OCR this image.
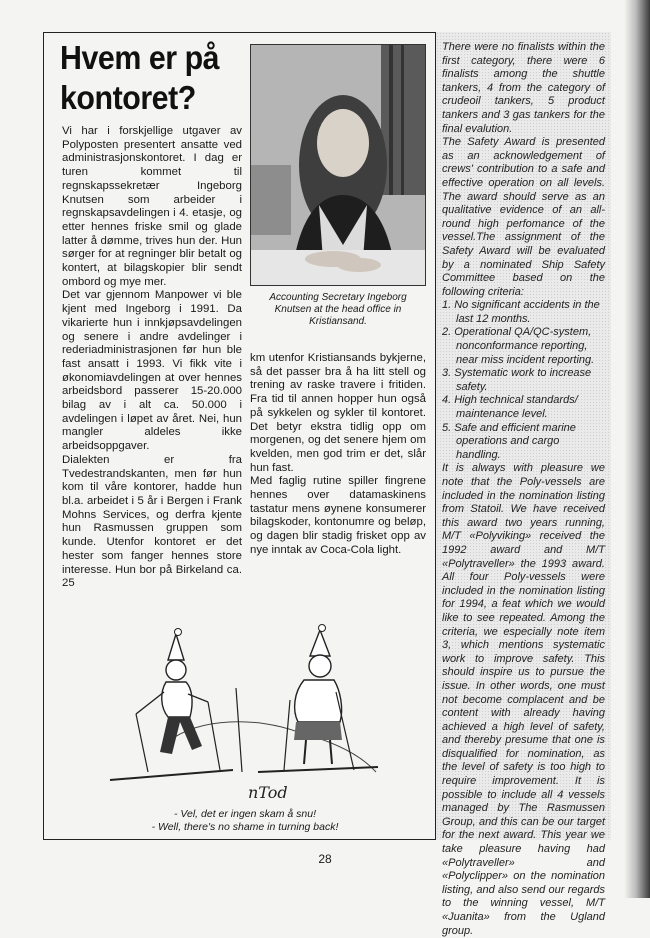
Hvem er på kontoret?
Accounting Secretary Ingeborg Knutsen at the head office in Kristiansand.

Vi har i forskjellige utgaver av Polyposten presentert ansatte ved administrasjonskontoret. I dag er turen kommet til regnskapssekretær Ingeborg Knutsen som arbeider i regnskapsavdelingen i 4. etasje, og etter hennes friske smil og glade latter å dømme, trives hun der. Hun sørger for at regninger blir betalt og kontert, at bilagskopier blir sendt ombord og mye mer.

Det var gjennom Manpower vi ble kjent med Ingeborg i 1991. Da vikarierte hun i innkjøpsavdelingen og senere i andre avdelinger i rederiadministrasjonen før hun ble fast ansatt i 1993. Vi fikk vite i økonomiavdelingen at over hennes arbeidsbord passerer 15-20.000 bilag av i alt ca. 50.000 i avdelingen i løpet av året. Nei, hun mangler aldeles ikke arbeidsoppgaver.

Dialekten er fra Tvedestrandskanten, men før hun kom til våre kontorer, hadde hun bl.a. arbeidet i 5 år i Bergen i Frank Mohns Services, og derfra kjente hun Rasmussen gruppen som kunde. Utenfor kontoret er det hester som fanger hennes store interesse. Hun bor på Birkeland ca. 25

km utenfor Kristiansands bykjerne, så det passer bra å ha litt stell og trening av raske travere i fritiden. Fra tid til annen hopper hun også på sykkelen og sykler til kontoret. Det betyr ekstra tidlig opp om morgenen, og det senere hjem om kvelden, men god trim er det, slår hun fast.

Med faglig rutine spiller fingrene hennes over datamaskinens tastatur mens øynene konsumerer bilagskoder, kontonumre og beløp, og dagen blir stadig frisket opp av nye inntak av Coca-Cola light.

nTod
- Vel, det er ingen skam å snu!
- Well, there's no shame in turning back!

There were no finalists within the first category, there were 6 finalists among the shuttle tankers, 4 from the category of crudeoil tankers, 5 product tankers and 3 gas tankers for the final evalution.

The Safety Award is presented as an acknowledgement of crews' contribution to a safe and effective operation on all levels. The award should serve as an qualitative evidence of an all-round high perfomance of the vessel.The assignment of the Safety Award will be evaluated by a nominated Ship Safety Committee based on the following criteria:

1. No significant accidents in the last 12 months.
2. Operational QA/QC-system, nonconformance reporting, near miss incident reporting.
3. Systematic work to increase safety.
4. High technical standards/ maintenance level.
5. Safe and efficient marine operations and cargo handling.

It is always with pleasure we note that the Poly-vessels are included in the nomination listing from Statoil. We have received this award two years running, M/T «Polyviking» received the 1992 award and M/T «Polytraveller» the 1993 award. All four Poly-vessels were included in the nomination listing for 1994, a feat which we would like to see repeated. Among the criteria, we especially note item 3, which mentions systematic work to improve safety. This should inspire us to pursue the issue. In other words, one must not become complacent and be content with already having achieved a high level of safety, and thereby presume that one is disqualified for nomination, as the level of safety is too high to require improvement. It is possible to include all 4 vessels managed by The Rasmussen Group, and this can be our target for the next award. This year we take pleasure having had «Polytraveller» and «Polyclipper» on the nomination listing, and also send our regards to the winning vessel, M/T «Juanita» from the Ugland group.

28
